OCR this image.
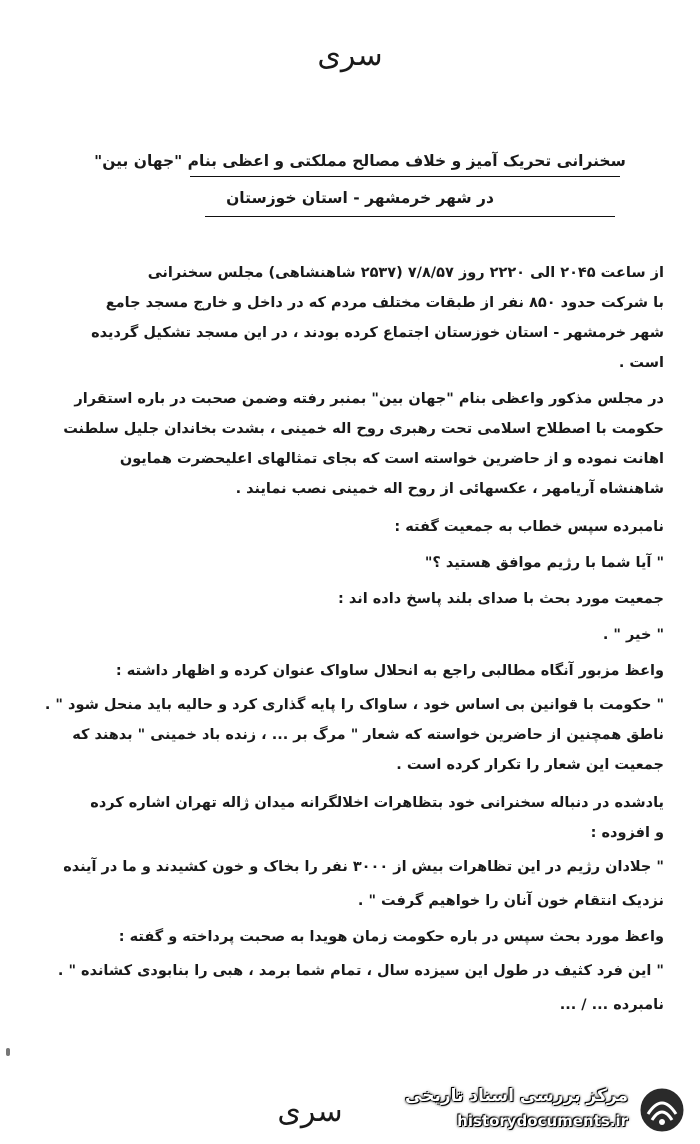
سری
سخنرانی تحریک آمیز و خلاف مصالح مملکتی و اعظی بنام "جهان بین"
در شهر خرمشهر - استان خوزستان
از ساعت ۲۰۴۵ الی ۲۲۲۰ روز ۷/۸/۵۷ (۲۵۳۷ شاهنشاهی) مجلس سخنرانی
با شرکت حدود ۸۵۰ نفر از طبقات مختلف مردم که در داخل و خارج مسجد جامع
شهر خرمشهر - استان خوزستان اجتماع کرده بودند ، در این مسجد تشکیل گردیده
است .
در مجلس مذکور واعظی بنام "جهان بین" بمنبر رفته وضمن صحبت در باره استقرار
حکومت با اصطلاح اسلامی تحت رهبری روح اله خمینی ، بشدت بخاندان جلیل سلطنت
اهانت نموده و از حاضرین خواسته است که بجای تمثالهای اعلیحضرت همایون
شاهنشاه آریامهر ، عکسهائی از روح اله خمینی نصب نمایند .
نامبرده سپس خطاب به جمعیت گفته :
" آیا شما با رژیم موافق هستید ؟"
جمعیت مورد بحث با صدای بلند پاسخ داده اند :
" خیر " .
واعظ مزبور آنگاه مطالبی راجع به انحلال ساواک عنوان کرده و اظهار داشته :
" حکومت با قوانین بی اساس خود ، ساواک را پایه گذاری کرد و حالیه باید منحل شود " .
ناطق همچنین از حاضرین خواسته که شعار " مرگ بر ... ، زنده باد خمینی " بدهند که
جمعیت این شعار را تکرار کرده است .
یادشده در دنباله سخنرانی خود بتظاهرات اخلالگرانه میدان ژاله تهران اشاره کرده
و افزوده :
" جلادان رژیم در این تظاهرات بیش از ۳۰۰۰ نفر را بخاک و خون کشیدند و ما در آینده
نزدیک انتقام خون آنان را خواهیم گرفت " .
واعظ مورد بحث سپس در باره حکومت زمان هویدا به صحبت پرداخته و گفته :
" این فرد کثیف در طول این سیزده سال ، تمام شما برمد ، هبی را بنابودی کشانده " .
نامبرده ... / ...
سری	مرکز بررسی اسناد تاریخی
historydocuments.ir
